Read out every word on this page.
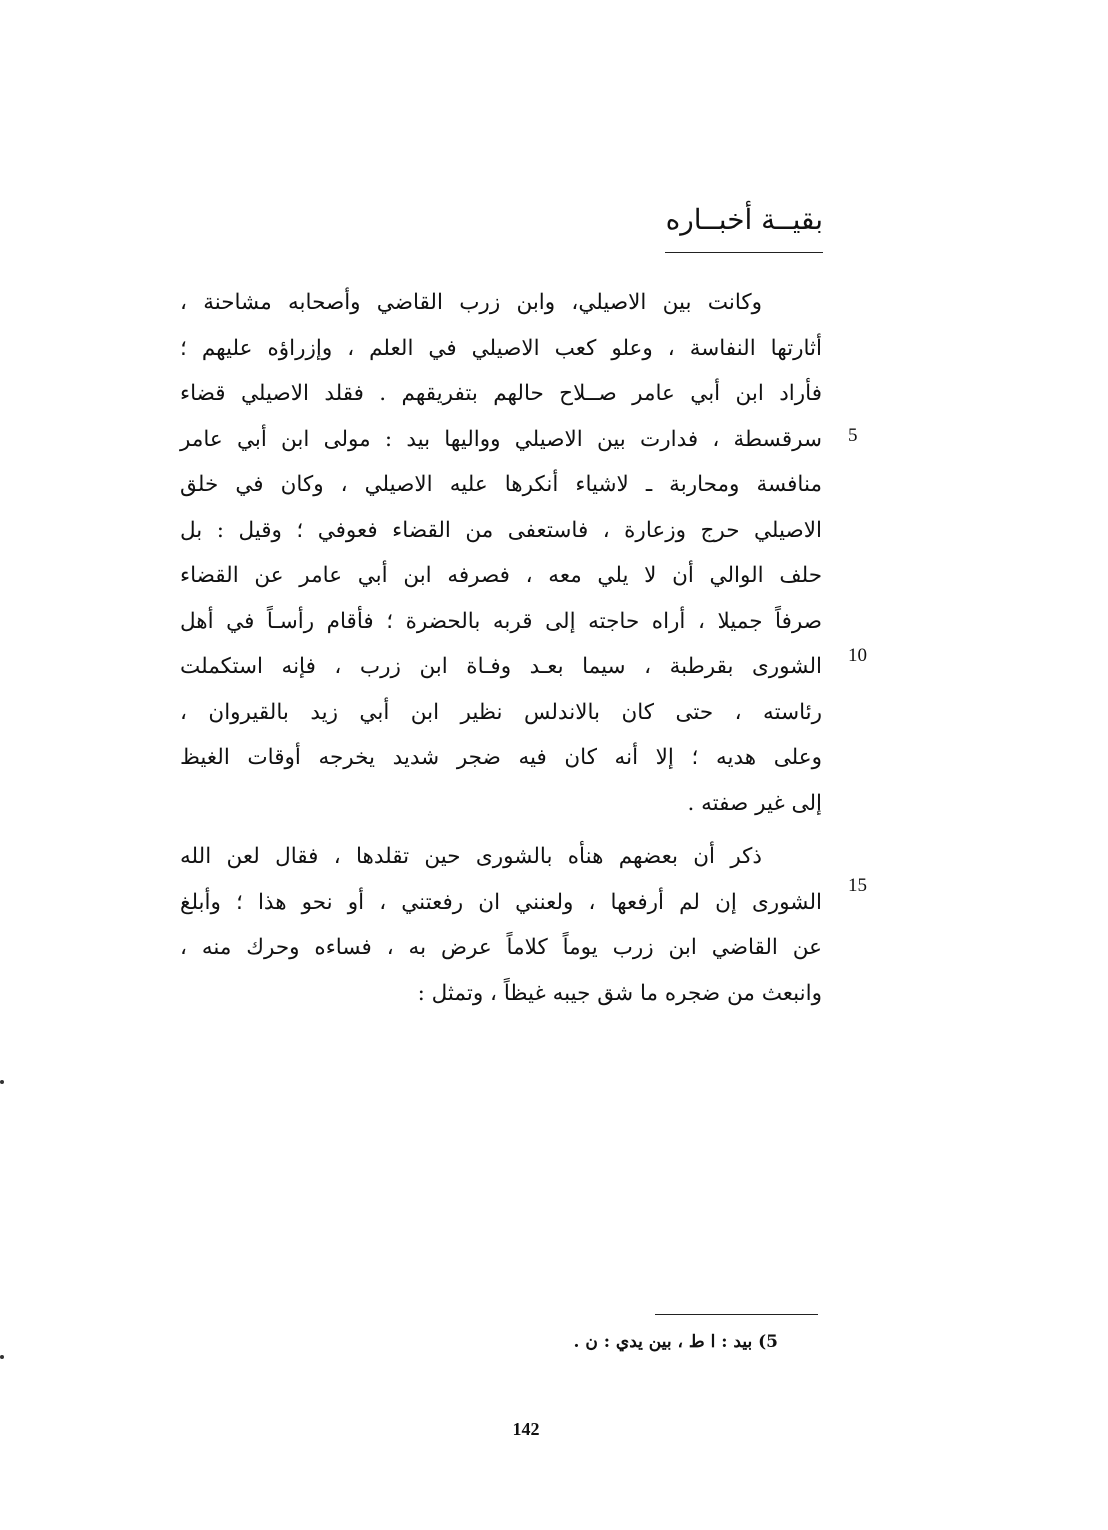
بقيــة أخبــاره
وكانت بين الاصيلي، وابن زرب القاضي وأصحابه مشاحنة ،
أثارتها النفاسة ، وعلو كعب الاصيلي في العلم ، وإزراؤه عليهم ؛
فأراد ابن أبي عامر صــلاح حالهم بتفريقهم . فقلد الاصيلي قضاء
سرقسطة ، فدارت بين الاصيلي وواليها بيد : مولى ابن أبي عامر
منافسة ومحاربة ـ لاشياء أنكرها عليه الاصيلي ، وكان في خلق
الاصيلي حرج وزعارة ، فاستعفى من القضاء فعوفي ؛ وقيل : بل
حلف الوالي أن لا يلي معه ، فصرفه ابن أبي عامر عن القضاء
صرفاً جميلا ، أراه حاجته إلى قربه بالحضرة ؛ فأقام رأسـاً في أهل
الشورى بقرطبة ، سيما بعـد وفـاة ابن زرب ، فإنه استكملت
رئاسته ، حتى كان بالاندلس نظير ابن أبي زيد بالقيروان ،
وعلى هديه ؛ إلا أنه كان فيه ضجر شديد يخرجه أوقات الغيظ
إلى غير صفته .
ذكر أن بعضهم هنأه بالشورى حين تقلدها ، فقال لعن الله
الشورى إن لم أرفعها ، ولعنني ان رفعتني ، أو نحو هذا ؛ وأبلغ
عن القاضي ابن زرب يوماً كلاماً عرض به ، فساءه وحرك منه ،
وانبعث من ضجره ما شق جيبه غيظاً ، وتمثل :
5
10
15
5) بيد : ا ط ، بين يدي : ن .
142
